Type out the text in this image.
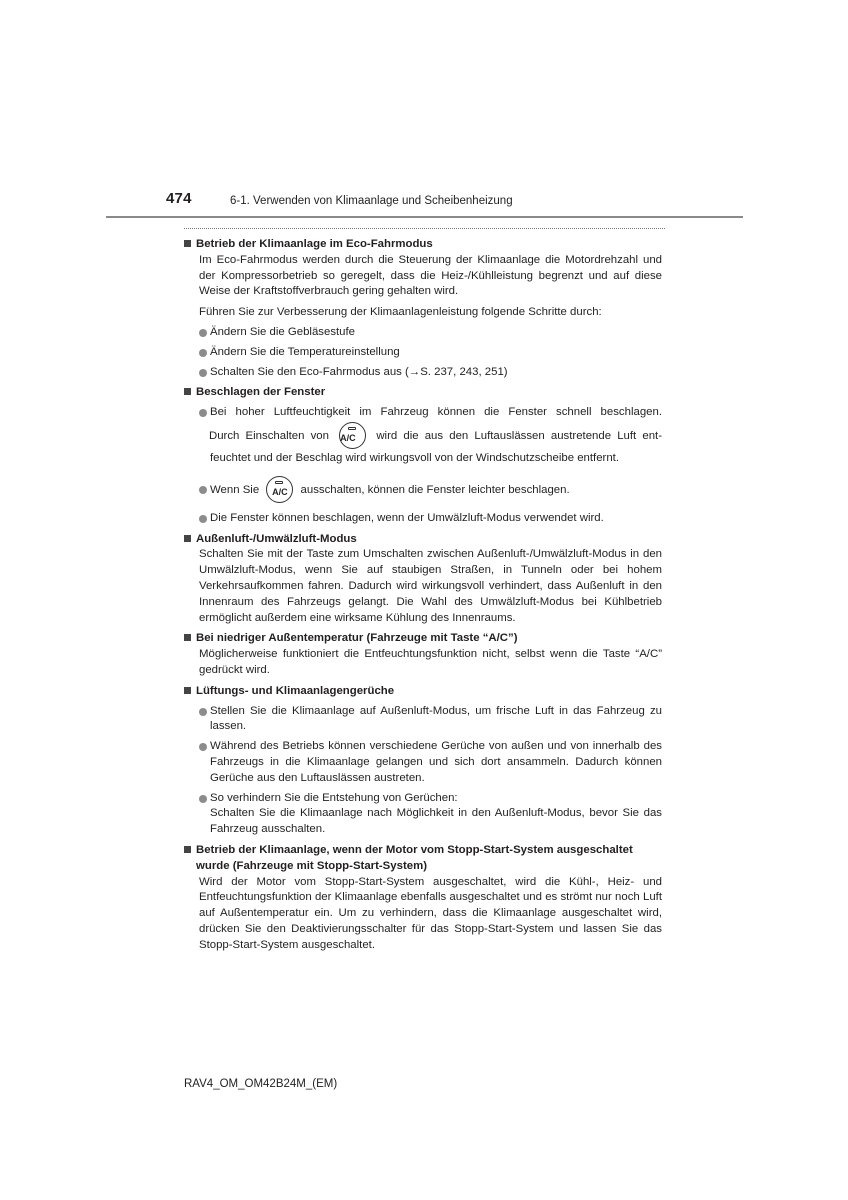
474	6-1. Verwenden von Klimaanlage und Scheibenheizung
Betrieb der Klimaanlage im Eco-Fahrmodus
Im Eco-Fahrmodus werden durch die Steuerung der Klimaanlage die Motordrehzahl und der Kompressorbetrieb so geregelt, dass die Heiz-/Kühlleistung begrenzt und auf diese Weise der Kraftstoffverbrauch gering gehalten wird.
Führen Sie zur Verbesserung der Klimaanlagenleistung folgende Schritte durch:
Ändern Sie die Gebläsestufe
Ändern Sie die Temperatureinstellung
Schalten Sie den Eco-Fahrmodus aus (→S. 237, 243, 251)
Beschlagen der Fenster
Bei hoher Luftfeuchtigkeit im Fahrzeug können die Fenster schnell beschlagen.
Durch Einschalten von A/C	wird die aus den Luftauslässen austretende Luft ent-
feuchtet und der Beschlag wird wirkungsvoll von der Windschutzscheibe entfernt.
Wenn Sie	A/C	ausschalten, können die Fenster leichter beschlagen.
Die Fenster können beschlagen, wenn der Umwälzluft-Modus verwendet wird.
Außenluft-/Umwälzluft-Modus
Schalten Sie mit der Taste zum Umschalten zwischen Außenluft-/Umwälzluft-Modus in den Umwälzluft-Modus, wenn Sie auf staubigen Straßen, in Tunneln oder bei hohem Verkehrsaufkommen fahren. Dadurch wird wirkungsvoll verhindert, dass Außenluft in den Innenraum des Fahrzeugs gelangt. Die Wahl des Umwälzluft-Modus bei Kühlbetrieb ermöglicht außerdem eine wirksame Kühlung des Innenraums.
Bei niedriger Außentemperatur (Fahrzeuge mit Taste “A/C”)
Möglicherweise funktioniert die Entfeuchtungsfunktion nicht, selbst wenn die Taste “A/C” gedrückt wird.
Lüftungs- und Klimaanlagengerüche
Stellen Sie die Klimaanlage auf Außenluft-Modus, um frische Luft in das Fahrzeug zu lassen.
Während des Betriebs können verschiedene Gerüche von außen und von innerhalb des Fahrzeugs in die Klimaanlage gelangen und sich dort ansammeln. Dadurch können Gerüche aus den Luftauslässen austreten.
So verhindern Sie die Entstehung von Gerüchen:
Schalten Sie die Klimaanlage nach Möglichkeit in den Außenluft-Modus, bevor Sie das Fahrzeug ausschalten.
Betrieb der Klimaanlage, wenn der Motor vom Stopp-Start-System ausgeschaltet wurde (Fahrzeuge mit Stopp-Start-System)
Wird der Motor vom Stopp-Start-System ausgeschaltet, wird die Kühl-, Heiz- und Entfeuchtungsfunktion der Klimaanlage ebenfalls ausgeschaltet und es strömt nur noch Luft auf Außentemperatur ein. Um zu verhindern, dass die Klimaanlage ausgeschaltet wird, drücken Sie den Deaktivierungsschalter für das Stopp-Start-System und lassen Sie das Stopp-Start-System ausgeschaltet.
RAV4_OM_OM42B24M_(EM)
